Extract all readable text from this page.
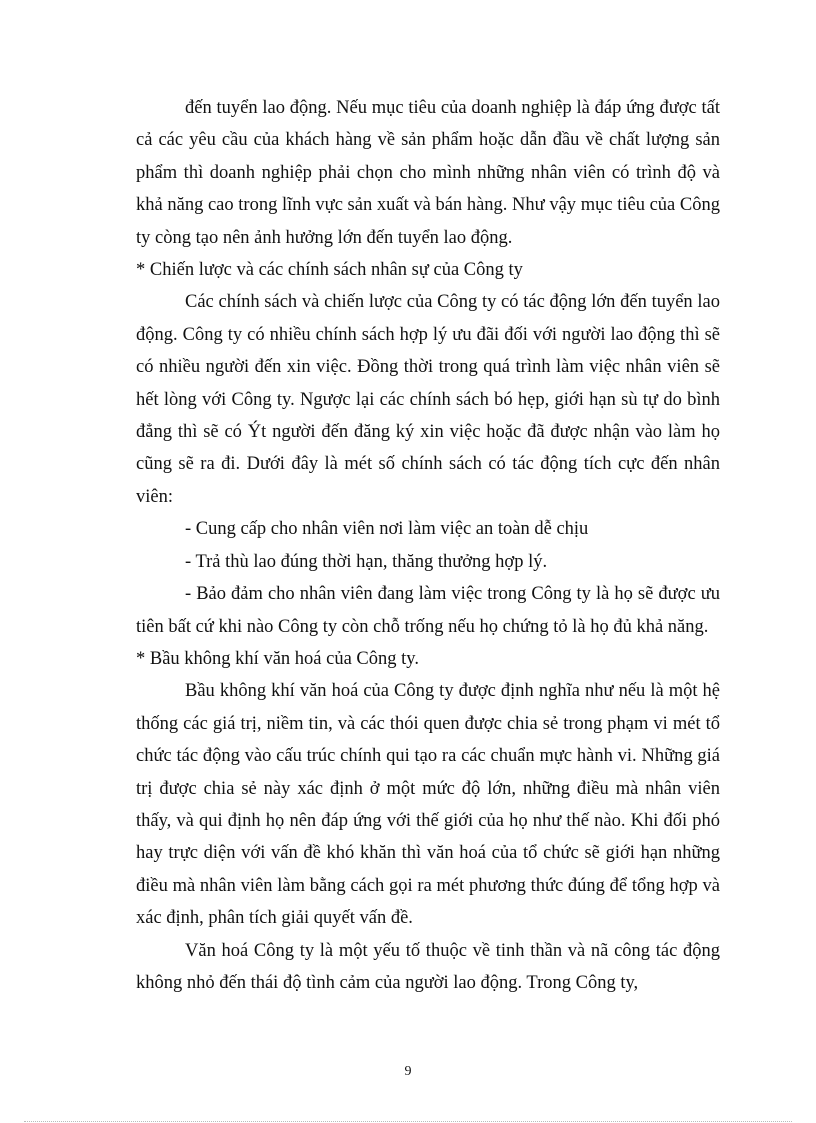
đến tuyển lao động. Nếu mục tiêu của doanh nghiệp là đáp ứng được tất cả các yêu cầu của khách hàng về sản phẩm hoặc dẫn đầu về chất lượng sản phẩm thì doanh nghiệp phải chọn cho mình những nhân viên có trình độ và khả năng cao trong lĩnh vực sản xuất và bán hàng. Như vậy mục tiêu của Công ty còng tạo nên ảnh hưởng lớn đến tuyển lao động.

* Chiến lược và các chính sách nhân sự của Công ty

Các chính sách và chiến lược của Công ty có tác động lớn đến tuyển lao động. Công ty có nhiều chính sách hợp lý ưu đãi đối với người lao động thì sẽ có nhiều người đến xin việc. Đồng thời trong quá trình làm việc nhân viên sẽ hết lòng với Công ty. Ngược lại các chính sách bó hẹp, giới hạn sù tự do bình đẳng thì sẽ có Ýt người đến đăng ký xin việc hoặc đã được nhận vào làm họ cũng sẽ ra đi. Dưới đây là mét số chính sách có tác động tích cực đến nhân viên:

- Cung cấp cho nhân viên nơi làm việc an toàn dễ chịu

- Trả thù lao đúng thời hạn, thăng thưởng hợp lý.

- Bảo đảm cho nhân viên đang làm việc trong Công ty là họ sẽ được ưu tiên bất cứ khi nào Công ty còn chỗ trống nếu họ chứng tỏ là họ đủ khả năng.

* Bầu không khí văn hoá của Công ty.

Bầu không khí văn hoá của Công ty được định nghĩa như nếu là một hệ thống các giá trị, niềm tin, và các thói quen được chia sẻ trong phạm vi mét tổ chức tác động vào cấu trúc chính qui tạo ra các chuẩn mực hành vi. Những giá trị được chia sẻ này xác định ở một mức độ lớn, những điều mà nhân viên thấy, và qui định họ nên đáp ứng với thế giới của họ như thế nào. Khi đối phó hay trực diện với vấn đề khó khăn thì văn hoá của tổ chức sẽ giới hạn những điều mà nhân viên làm bằng cách gọi ra mét phương thức đúng để tổng hợp và xác định, phân tích giải quyết vấn đề.

Văn hoá Công ty là một yếu tố thuộc về tinh thần và nã công tác động không nhỏ đến thái độ tình cảm của người lao động. Trong Công ty,

9
